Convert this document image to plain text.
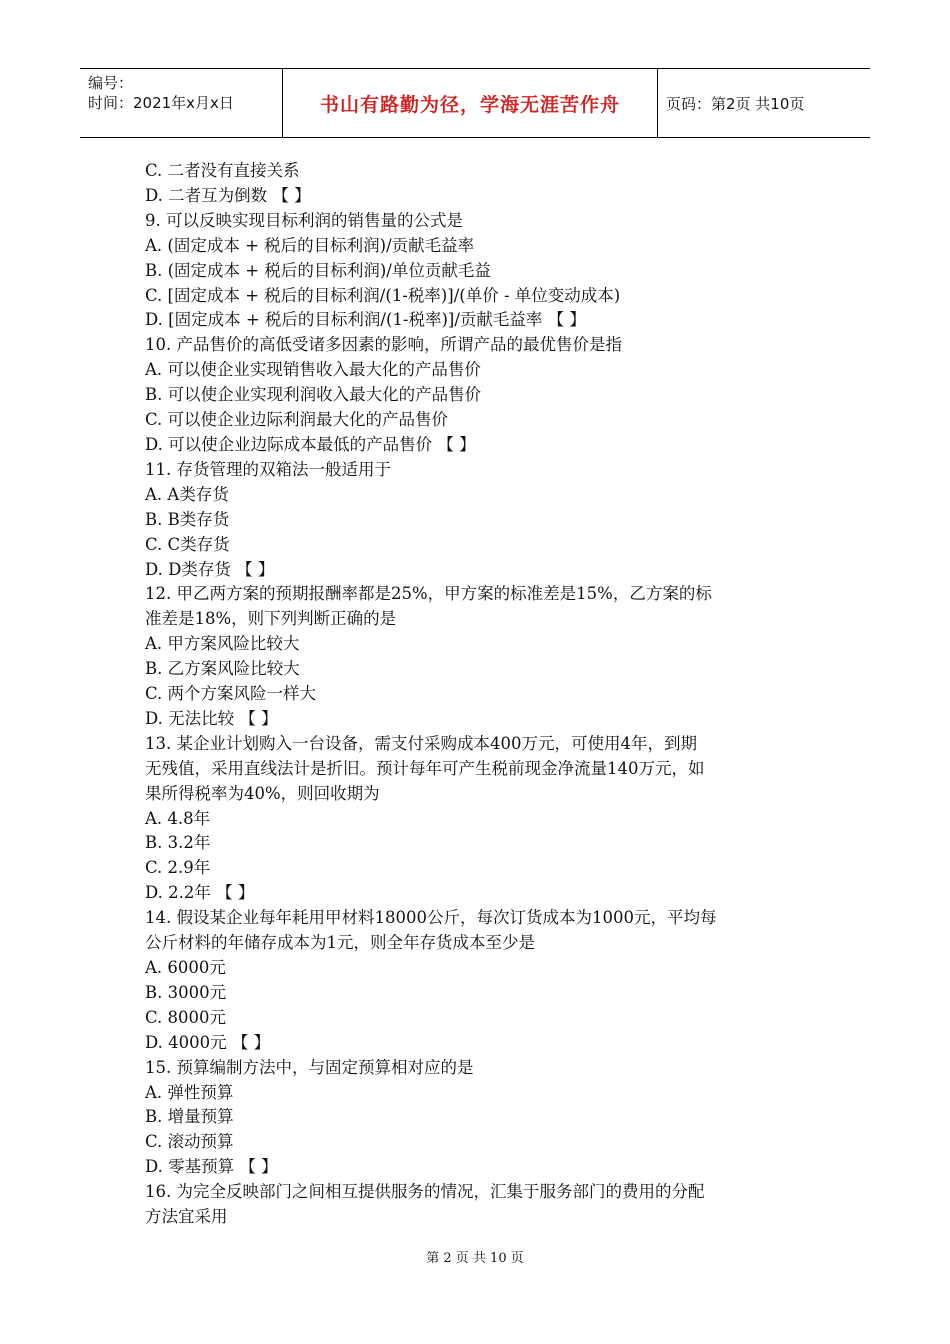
编号：
时间：2021年x月x日	书山有路勤为径，学海无涯苦作舟	页码：第2页 共10页
C. 二者没有直接关系
D. 二者互为倒数 【 】
9. 可以反映实现目标利润的销售量的公式是
A. (固定成本 + 税后的目标利润)/贡献毛益率
B. (固定成本 + 税后的目标利润)/单位贡献毛益
C. [固定成本 + 税后的目标利润/(1-税率)]/(单价 - 单位变动成本)
D. [固定成本 + 税后的目标利润/(1-税率)]/贡献毛益率 【 】
10. 产品售价的高低受诸多因素的影响，所谓产品的最优售价是指
A. 可以使企业实现销售收入最大化的产品售价
B. 可以使企业实现利润收入最大化的产品售价
C. 可以使企业边际利润最大化的产品售价
D. 可以使企业边际成本最低的产品售价 【 】
11. 存货管理的双箱法一般适用于
A. A类存货
B. B类存货
C. C类存货
D. D类存货 【 】
12. 甲乙两方案的预期报酬率都是25%，甲方案的标准差是15%，乙方案的标
准差是18%，则下列判断正确的是
A. 甲方案风险比较大
B. 乙方案风险比较大
C. 两个方案风险一样大
D. 无法比较 【 】
13. 某企业计划购入一台设备，需支付采购成本400万元，可使用4年，到期
无残值，采用直线法计是折旧。预计每年可产生税前现金净流量140万元，如
果所得税率为40%，则回收期为
A. 4.8年
B. 3.2年
C. 2.9年
D. 2.2年 【 】
14. 假设某企业每年耗用甲材料18000公斤，每次订货成本为1000元，平均每
公斤材料的年储存成本为1元，则全年存货成本至少是
A. 6000元
B. 3000元
C. 8000元
D. 4000元 【 】
15. 预算编制方法中，与固定预算相对应的是
A. 弹性预算
B. 增量预算
C. 滚动预算
D. 零基预算 【 】
16. 为完全反映部门之间相互提供服务的情况，汇集于服务部门的费用的分配
方法宜采用
第 2 页 共 10 页
